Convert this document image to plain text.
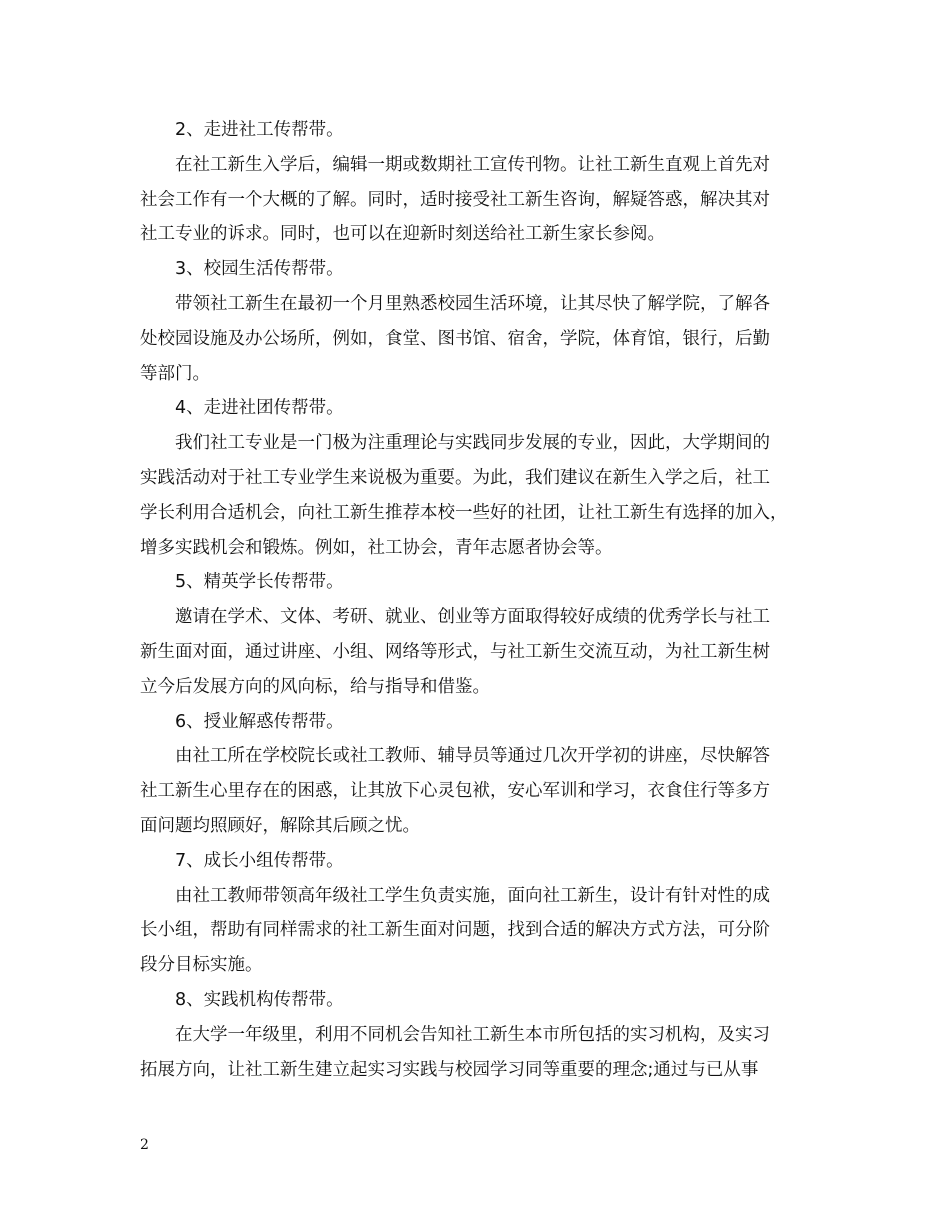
2、走进社工传帮带。
在社工新生入学后，编辑一期或数期社工宣传刊物。让社工新生直观上首先对
社会工作有一个大概的了解。同时，适时接受社工新生咨询，解疑答惑，解决其对
社工专业的诉求。同时，也可以在迎新时刻送给社工新生家长参阅。
3、校园生活传帮带。
带领社工新生在最初一个月里熟悉校园生活环境，让其尽快了解学院，了解各
处校园设施及办公场所，例如，食堂、图书馆、宿舍，学院，体育馆，银行，后勤
等部门。
4、走进社团传帮带。
我们社工专业是一门极为注重理论与实践同步发展的专业，因此，大学期间的
实践活动对于社工专业学生来说极为重要。为此，我们建议在新生入学之后，社工
学长利用合适机会，向社工新生推荐本校一些好的社团，让社工新生有选择的加入，
增多实践机会和锻炼。例如，社工协会，青年志愿者协会等。
5、精英学长传帮带。
邀请在学术、文体、考研、就业、创业等方面取得较好成绩的优秀学长与社工
新生面对面，通过讲座、小组、网络等形式，与社工新生交流互动，为社工新生树
立今后发展方向的风向标，给与指导和借鉴。
6、授业解惑传帮带。
由社工所在学校院长或社工教师、辅导员等通过几次开学初的讲座，尽快解答
社工新生心里存在的困惑，让其放下心灵包袱，安心军训和学习，衣食住行等多方
面问题均照顾好，解除其后顾之忧。
7、成长小组传帮带。
由社工教师带领高年级社工学生负责实施，面向社工新生，设计有针对性的成
长小组，帮助有同样需求的社工新生面对问题，找到合适的解决方式方法，可分阶
段分目标实施。
8、实践机构传帮带。
在大学一年级里，利用不同机会告知社工新生本市所包括的实习机构，及实习
拓展方向，让社工新生建立起实习实践与校园学习同等重要的理念;通过与已从事
2
